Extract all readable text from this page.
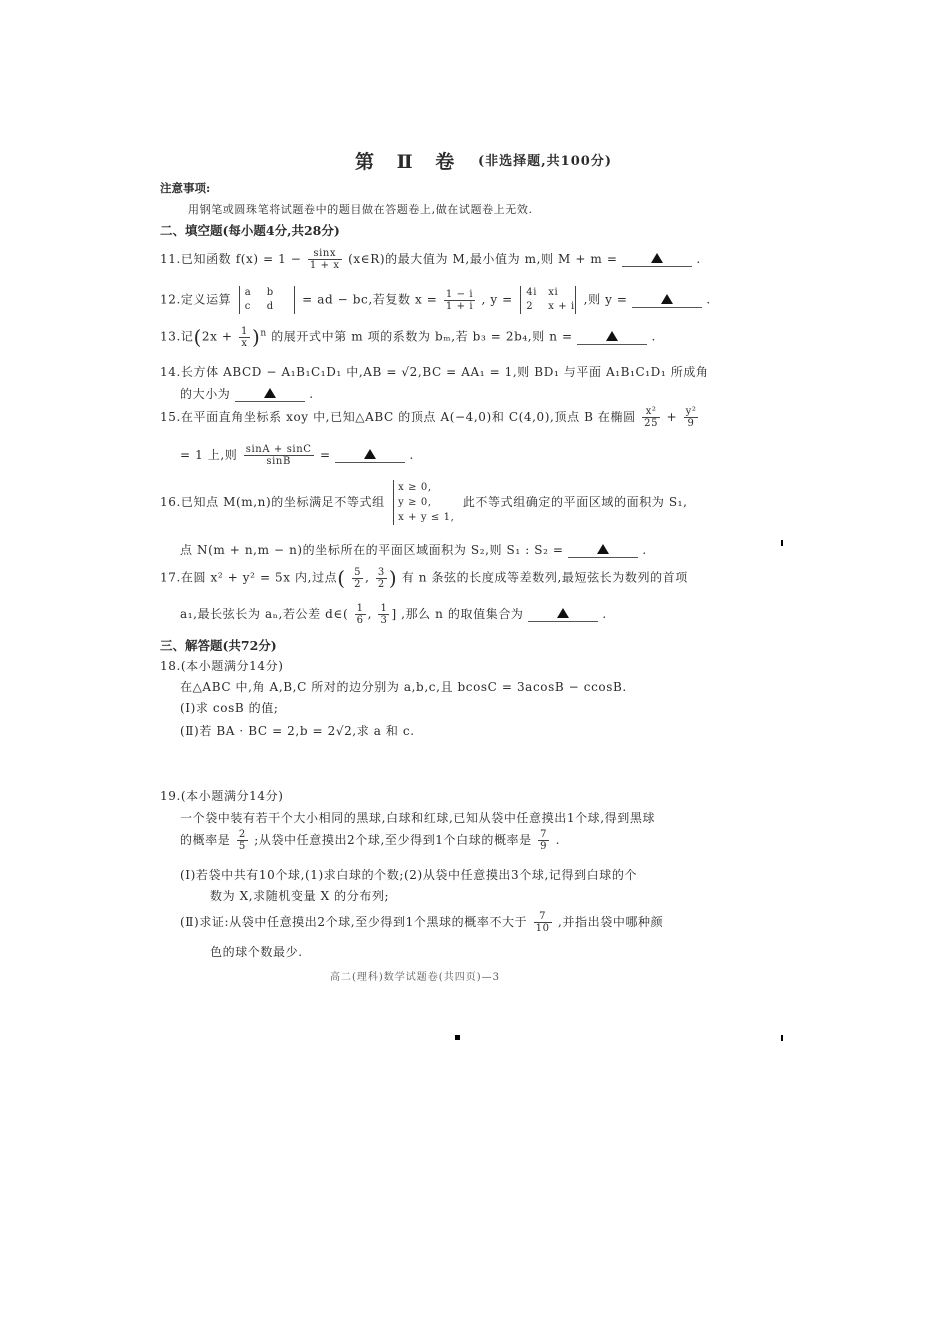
第 Ⅱ 卷 (非选择题,共100分)
注意事项:
用钢笔或圆珠笔将试题卷中的题目做在答题卷上,做在试题卷上无效.
二、填空题(每小题4分,共28分)
11.已知函数 $f(x) = 1 - \frac{\sin x}{1 + x}$ (x∈R)的最大值为 M,最小值为 m,则 M + m =	.
12.定义运算 a b
c d = ad − bc,若复数 $x = \frac{1 - i}{1 + i}$ , y = 4i xi
2 x + i ,则 y =	.
13.记$(2x + \frac{1}{x} )^n$ 的展开式中第 m 项的系数为 bₘ,若 b₃ = 2b₄,则 n =	.
14.长方体 ABCD − A₁B₁C₁D₁ 中,AB = √2,BC = AA₁ = 1,则 BD₁ 与平面 A₁B₁C₁D₁ 所成角
的大小为	.
15.在平面直角坐标系 xoy 中,已知△ABC 的顶点 A(−4,0)和 C(4,0),顶点 B 在椭圆 $\frac{\text{x²}}{25} + \frac{\text{y²}}{9}$
= 1 上,则 $\frac{\sin A + \sin C}{\sin B}$ =	.
16.已知点 M(m,n)的坐标满足不等式组 x ≥ 0,
y ≥ 0,
x + y ≤ 1, 此不等式组确定的平面区域的面积为 S₁,
点 N(m + n,m − n)的坐标所在的平面区域面积为 S₂,则 S₁ : S₂ =	.
17.在圆 x² + y² = 5x 内,过点( $\frac{5}{2}$ , $\frac{3}{2}$ ) 有 n 条弦的长度成等差数列,最短弦长为数列的首项
a₁,最长弦长为 aₙ,若公差 d∈( $\frac{1}{6}$ , $\frac{1}{3}$ ] ,那么 n 的取值集合为	.
三、解答题(共72分)
18.(本小题满分14分)
在△ABC 中,角 A,B,C 所对的边分别为 a,b,c,且 bcosC = 3acosB − ccosB.
(Ⅰ)求 cosB 的值;
(Ⅱ)若 BA · BC = 2,b = 2√2,求 a 和 c.
19.(本小题满分14分)
一个袋中装有若干个大小相同的黑球,白球和红球,已知从袋中任意摸出1个球,得到黑球
的概率是 $\frac{2}{5}$ ;从袋中任意摸出2个球,至少得到1个白球的概率是 $\frac{7}{9}$ .
(Ⅰ)若袋中共有10个球,(1)求白球的个数;(2)从袋中任意摸出3个球,记得到白球的个
数为 X,求随机变量 X 的分布列;
(Ⅱ)求证:从袋中任意摸出2个球,至少得到1个黑球的概率不大于 $\frac{7}{10}$ ,并指出袋中哪种颜
色的球个数最少.
高二(理科)数学试题卷(共四页)—3
